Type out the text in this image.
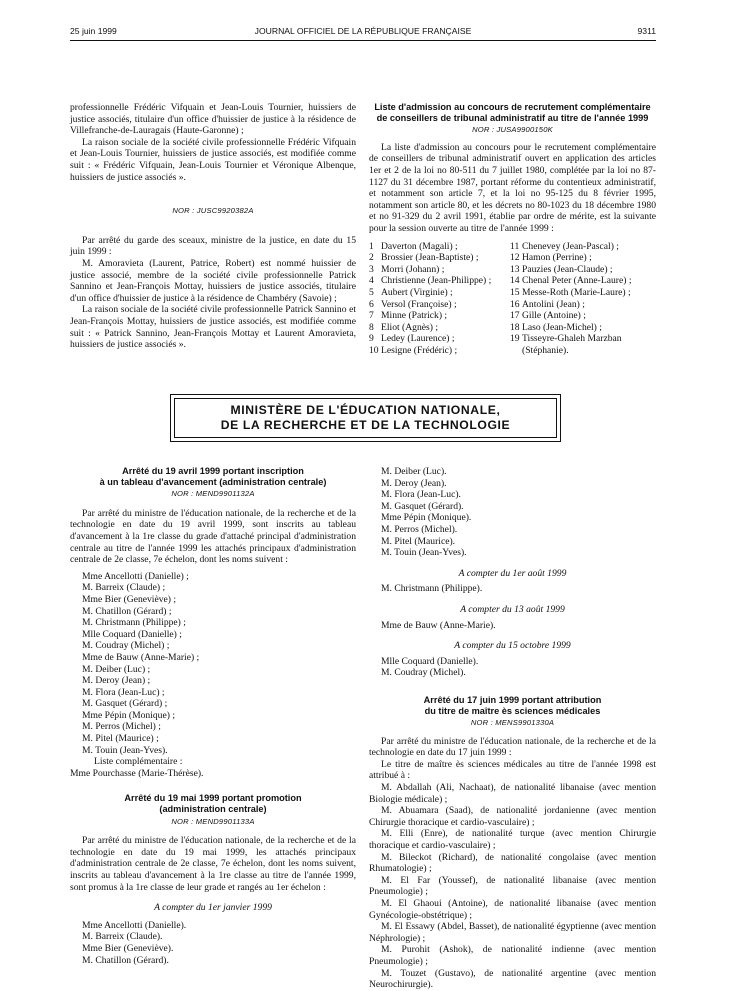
25 juin 1999	JOURNAL OFFICIEL DE LA RÉPUBLIQUE FRANÇAISE	9311

professionnelle Frédéric Vifquain et Jean-Louis Tournier, huissiers de justice associés, titulaire d'un office d'huissier de justice à la résidence de Villefranche-de-Lauragais (Haute-Garonne) ;

La raison sociale de la société civile professionnelle Frédéric Vifquain et Jean-Louis Tournier, huissiers de justice associés, est modifiée comme suit : « Frédéric Vifquain, Jean-Louis Tournier et Véronique Albenque, huissiers de justice associés ».

NOR : JUSC9920382A

Par arrêté du garde des sceaux, ministre de la justice, en date du 15 juin 1999 :

M. Amoravieta (Laurent, Patrice, Robert) est nommé huissier de justice associé, membre de la société civile professionnelle Patrick Sannino et Jean-François Mottay, huissiers de justice associés, titulaire d'un office d'huissier de justice à la résidence de Chambéry (Savoie) ;

La raison sociale de la société civile professionnelle Patrick Sannino et Jean-François Mottay, huissiers de justice associés, est modifiée comme suit : « Patrick Sannino, Jean-François Mottay et Laurent Amoravieta, huissiers de justice associés ».

Liste d'admission au concours de recrutement complémentaire de conseillers de tribunal administratif au titre de l'année 1999

NOR : JUSA9900150K

La liste d'admission au concours pour le recrutement complémentaire de conseillers de tribunal administratif ouvert en application des articles 1er et 2 de la loi no 80-511 du 7 juillet 1980, complétée par la loi no 87-1127 du 31 décembre 1987, portant réforme du contentieux administratif, et notamment son article 7, et la loi no 95-125 du 8 février 1995, notamment son article 80, et les décrets no 80-1023 du 18 décembre 1980 et no 91-329 du 2 avril 1991, établie par ordre de mérite, est la suivante pour la session ouverte au titre de l'année 1999 :

1 Daverton (Magali) ;
2 Brossier (Jean-Baptiste) ;
3 Morri (Johann) ;
4 Christienne (Jean-Philippe) ;
5 Aubert (Virginie) ;
6 Versol (Françoise) ;
7 Minne (Patrick) ;
8 Eliot (Agnès) ;
9 Ledey (Laurence) ;
10 Lesigne (Frédéric) ;
11 Chenevey (Jean-Pascal) ;
12 Hamon (Perrine) ;
13 Pauzies (Jean-Claude) ;
14 Chenal Peter (Anne-Laure) ;
15 Messe-Roth (Marie-Laure) ;
16 Antolini (Jean) ;
17 Gille (Antoine) ;
18 Laso (Jean-Michel) ;
19 Tisseyre-Ghaleh Marzban (Stéphanie).
MINISTÈRE DE L'ÉDUCATION NATIONALE,
DE LA RECHERCHE ET DE LA TECHNOLOGIE

Arrêté du 19 avril 1999 portant inscription

à un tableau d'avancement (administration centrale)

NOR : MEND9901132A

Par arrêté du ministre de l'éducation nationale, de la recherche et de la technologie en date du 19 avril 1999, sont inscrits au tableau d'avancement à la 1re classe du grade d'attaché principal d'administration centrale au titre de l'année 1999 les attachés principaux d'administration centrale de 2e classe, 7e échelon, dont les noms suivent :

Mme Ancellotti (Danielle) ;
M. Barreix (Claude) ;
Mme Bier (Geneviève) ;
M. Chatillon (Gérard) ;
M. Christmann (Philippe) ;
Mlle Coquard (Danielle) ;
M. Coudray (Michel) ;
Mme de Bauw (Anne-Marie) ;
M. Deiber (Luc) ;
M. Deroy (Jean) ;
M. Flora (Jean-Luc) ;
M. Gasquet (Gérard) ;
Mme Pépin (Monique) ;
M. Perros (Michel) ;
M. Pitel (Maurice) ;
M. Touin (Jean-Yves).

Liste complémentaire :

Mme Pourchasse (Marie-Thérèse).

Arrêté du 19 mai 1999 portant promotion

(administration centrale)

NOR : MEND9901133A

Par arrêté du ministre de l'éducation nationale, de la recherche et de la technologie en date du 19 mai 1999, les attachés principaux d'administration centrale de 2e classe, 7e échelon, dont les noms suivent, inscrits au tableau d'avancement à la 1re classe au titre de l'année 1999, sont promus à la 1re classe de leur grade et rangés au 1er échelon :

A compter du 1er janvier 1999

Mme Ancellotti (Danielle).
M. Barreix (Claude).
Mme Bier (Geneviève).
M. Chatillon (Gérard).
M. Deiber (Luc).
M. Deroy (Jean).
M. Flora (Jean-Luc).
M. Gasquet (Gérard).
Mme Pépin (Monique).
M. Perros (Michel).
M. Pitel (Maurice).
M. Touin (Jean-Yves).

A compter du 1er août 1999

M. Christmann (Philippe).

A compter du 13 août 1999

Mme de Bauw (Anne-Marie).

A compter du 15 octobre 1999

Mlle Coquard (Danielle).
M. Coudray (Michel).

Arrêté du 17 juin 1999 portant attribution

du titre de maître ès sciences médicales

NOR : MENS9901330A

Par arrêté du ministre de l'éducation nationale, de la recherche et de la technologie en date du 17 juin 1999 :

Le titre de maître ès sciences médicales au titre de l'année 1998 est attribué à :

M. Abdallah (Ali, Nachaat), de nationalité libanaise (avec mention Biologie médicale) ;

M. Abuamara (Saad), de nationalité jordanienne (avec mention Chirurgie thoracique et cardio-vasculaire) ;

M. Elli (Enre), de nationalité turque (avec mention Chirurgie thoracique et cardio-vasculaire) ;

M. Bileckot (Richard), de nationalité congolaise (avec mention Rhumatologie) ;

M. El Far (Youssef), de nationalité libanaise (avec mention Pneumologie) ;

M. El Ghaoui (Antoine), de nationalité libanaise (avec mention Gynécologie-obstétrique) ;

M. El Essawy (Abdel, Basset), de nationalité égyptienne (avec mention Néphrologie) ;

M. Purohit (Ashok), de nationalité indienne (avec mention Pneumologie) ;

M. Touzet (Gustavo), de nationalité argentine (avec mention Neurochirurgie).
